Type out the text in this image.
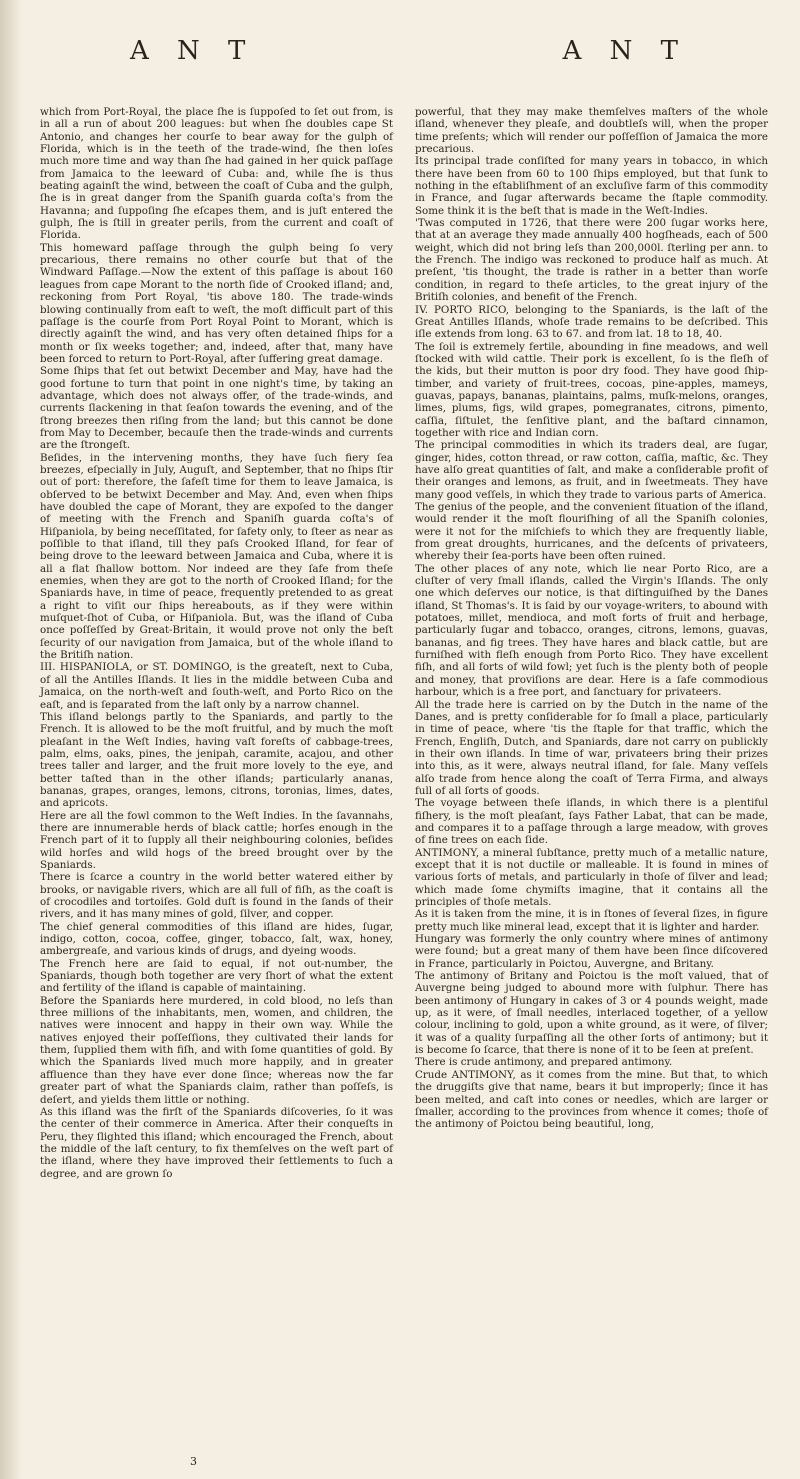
A N T	A N T

which from Port-Royal, the place ſhe is ſuppoſed to ſet out from, is in all a run of about 200 leagues: but when ſhe doubles cape St Antonio, and changes her courſe to bear away for the gulph of Florida, which is in the teeth of the trade-wind, ſhe then loſes much more time and way than ſhe had gained in her quick paſſage from Jamaica to the leeward of Cuba: and, while ſhe is thus beating againſt the wind, between the coaſt of Cuba and the gulph, ſhe is in great danger from the Spaniſh guarda coſta's from the Havanna; and ſuppoſing ſhe eſcapes them, and is juſt entered the gulph, ſhe is ſtill in greater perils, from the current and coaſt of Florida.

This homeward paſſage through the gulph being ſo very precarious, there remains no other courſe but that of the Windward Paſſage.—Now the extent of this paſſage is about 160 leagues from cape Morant to the north ſide of Crooked iſland; and, reckoning from Port Royal, 'tis above 180. The trade-winds blowing continually from eaſt to weſt, the moſt difficult part of this paſſage is the courſe from Port Royal Point to Morant, which is directly againſt the wind, and has very often detained ſhips for a month or ſix weeks together; and, indeed, after that, many have been forced to return to Port-Royal, after ſuffering great damage.

Some ſhips that ſet out betwixt December and May, have had the good fortune to turn that point in one night's time, by taking an advantage, which does not always offer, of the trade-winds, and currents ſlackening in that ſeaſon towards the evening, and of the ſtrong breezes then riſing from the land; but this cannot be done from May to December, becauſe then the trade-winds and currents are the ſtrongeſt.

Beſides, in the intervening months, they have ſuch fiery ſea breezes, eſpecially in July, Auguſt, and September, that no ſhips ſtir out of port: therefore, the ſafeſt time for them to leave Jamaica, is obſerved to be betwixt December and May. And, even when ſhips have doubled the cape of Morant, they are expoſed to the danger of meeting with the French and Spaniſh guarda coſta's of Hiſpaniola, by being neceſſitated, for ſafety only, to ſteer as near as poſſible to that iſland, till they paſs Crooked Iſland, for fear of being drove to the leeward between Jamaica and Cuba, where it is all a flat ſhallow bottom. Nor indeed are they ſafe from theſe enemies, when they are got to the north of Crooked Iſland; for the Spaniards have, in time of peace, frequently pretended to as great a right to viſit our ſhips hereabouts, as if they were within muſquet-ſhot of Cuba, or Hiſpaniola. But, was the iſland of Cuba once poſſeſſed by Great-Britain, it would prove not only the beſt ſecurity of our navigation from Jamaica, but of the whole iſland to the Britiſh nation.

III. HISPANIOLA, or ST. DOMINGO, is the greateſt, next to Cuba, of all the Antilles Iſlands. It lies in the middle between Cuba and Jamaica, on the north-weſt and ſouth-weſt, and Porto Rico on the eaſt, and is ſeparated from the laſt only by a narrow channel.

This iſland belongs partly to the Spaniards, and partly to the French. It is allowed to be the moſt fruitful, and by much the moſt pleaſant in the Weſt Indies, having vaſt foreſts of cabbage-trees, palm, elms, oaks, pines, the jenipah, caramite, acajou, and other trees taller and larger, and the fruit more lovely to the eye, and better taſted than in the other iſlands; particularly ananas, bananas, grapes, oranges, lemons, citrons, toronias, limes, dates, and apricots.

Here are all the fowl common to the Weſt Indies. In the ſavannahs, there are innumerable herds of black cattle; horſes enough in the French part of it to ſupply all their neighbouring colonies, beſides wild horſes and wild hogs of the breed brought over by the Spaniards.

There is ſcarce a country in the world better watered either by brooks, or navigable rivers, which are all full of fiſh, as the coaſt is of crocodiles and tortoiſes. Gold duſt is found in the ſands of their rivers, and it has many mines of gold, ſilver, and copper.

The chief general commodities of this iſland are hides, ſugar, indigo, cotton, cocoa, coffee, ginger, tobacco, ſalt, wax, honey, ambergreaſe, and various kinds of drugs, and dyeing woods.

The French here are ſaid to equal, if not out-number, the Spaniards, though both together are very ſhort of what the extent and fertility of the iſland is capable of maintaining.

Before the Spaniards here murdered, in cold blood, no leſs than three millions of the inhabitants, men, women, and children, the natives were innocent and happy in their own way. While the natives enjoyed their poſſeſſions, they cultivated their lands for them, ſupplied them with fiſh, and with ſome quantities of gold. By which the Spaniards lived much more happily, and in greater affluence than they have ever done ſince; whereas now the far greater part of what the Spaniards claim, rather than poſſeſs, is deſert, and yields them little or nothing.

As this iſland was the firſt of the Spaniards diſcoveries, ſo it was the center of their commerce in America. After their conqueſts in Peru, they ſlighted this iſland; which encouraged the French, about the middle of the laſt century, to fix themſelves on the weſt part of the iſland, where they have improved their ſettlements to ſuch a degree, and are grown ſo

powerful, that they may make themſelves maſters of the whole iſland, whenever they pleaſe, and doubtleſs will, when the proper time preſents; which will render our poſſeſſion of Jamaica the more precarious.

Its principal trade conſiſted for many years in tobacco, in which there have been from 60 to 100 ſhips employed, but that ſunk to nothing in the eſtabliſhment of an excluſive farm of this commodity in France, and ſugar afterwards became the ſtaple commodity. Some think it is the beſt that is made in the Weſt-Indies.

'Twas computed in 1726, that there were 200 ſugar works here, that at an average they made annually 400 hogſheads, each of 500 weight, which did not bring leſs than 200,000l. ſterling per ann. to the French. The indigo was reckoned to produce half as much. At preſent, 'tis thought, the trade is rather in a better than worſe condition, in regard to theſe articles, to the great injury of the Britiſh colonies, and benefit of the French.

IV. PORTO RICO, belonging to the Spaniards, is the laſt of the Great Antilles Iſlands, whoſe trade remains to be deſcribed. This iſle extends from long. 63 to 67. and from lat. 18 to 18, 40.

The ſoil is extremely fertile, abounding in fine meadows, and well ſtocked with wild cattle. Their pork is excellent, ſo is the fleſh of the kids, but their mutton is poor dry food. They have good ſhip-timber, and variety of fruit-trees, cocoas, pine-apples, mameys, guavas, papays, bananas, plaintains, palms, muſk-melons, oranges, limes, plums, figs, wild grapes, pomegranates, citrons, pimento, caſſia, ſiſtulet, the ſenſitive plant, and the baſtard cinnamon, together with rice and Indian corn.

The principal commodities in which its traders deal, are ſugar, ginger, hides, cotton thread, or raw cotton, caſſia, maſtic, &c. They have alſo great quantities of ſalt, and make a conſiderable profit of their oranges and lemons, as fruit, and in ſweetmeats. They have many good veſſels, in which they trade to various parts of America.

The genius of the people, and the convenient ſituation of the iſland, would render it the moſt flouriſhing of all the Spaniſh colonies, were it not for the miſchiefs to which they are frequently liable, from great droughts, hurricanes, and the deſcents of privateers, whereby their ſea-ports have been often ruined.

The other places of any note, which lie near Porto Rico, are a cluſter of very ſmall iſlands, called the Virgin's Iſlands. The only one which deſerves our notice, is that diſtinguiſhed by the Danes iſland, St Thomas's. It is ſaid by our voyage-writers, to abound with potatoes, millet, mendioca, and moſt forts of fruit and herbage, particularly ſugar and tobacco, oranges, citrons, lemons, guavas, bananas, and fig trees. They have hares and black cattle, but are furniſhed with fleſh enough from Porto Rico. They have excellent fiſh, and all forts of wild fowl; yet ſuch is the plenty both of people and money, that proviſions are dear. Here is a ſafe commodious harbour, which is a free port, and ſanctuary for privateers.

All the trade here is carried on by the Dutch in the name of the Danes, and is pretty conſiderable for ſo ſmall a place, particularly in time of peace, where 'tis the ſtaple for that traffic, which the French, Engliſh, Dutch, and Spaniards, dare not carry on publickly in their own iſlands. In time of war, privateers bring their prizes into this, as it were, always neutral iſland, for ſale. Many veſſels alſo trade from hence along the coaſt of Terra Firma, and always full of all ſorts of goods.

The voyage between theſe iſlands, in which there is a plentiful fiſhery, is the moſt pleaſant, ſays Father Labat, that can be made, and compares it to a paſſage through a large meadow, with groves of fine trees on each ſide.

ANTIMONY, a mineral ſubſtance, pretty much of a metallic nature, except that it is not ductile or malleable. It is found in mines of various ſorts of metals, and particularly in thoſe of ſilver and lead; which made ſome chymiſts imagine, that it contains all the principles of thoſe metals.

As it is taken from the mine, it is in ſtones of ſeveral ſizes, in figure pretty much like mineral lead, except that it is lighter and harder.

Hungary was formerly the only country where mines of antimony were found; but a great many of them have been ſince diſcovered in France, particularly in Poictou, Auvergne, and Britany.

The antimony of Britany and Poictou is the moſt valued, that of Auvergne being judged to abound more with ſulphur. There has been antimony of Hungary in cakes of 3 or 4 pounds weight, made up, as it were, of ſmall needles, interlaced together, of a yellow colour, inclining to gold, upon a white ground, as it were, of ſilver; it was of a quality ſurpaſſing all the other ſorts of antimony; but it is become ſo ſcarce, that there is none of it to be ſeen at preſent.

There is crude antimony, and prepared antimony.

Crude ANTIMONY, as it comes from the mine. But that, to which the druggiſts give that name, bears it but improperly; ſince it has been melted, and caſt into cones or needles, which are larger or ſmaller, according to the provinces from whence it comes; thoſe of the antimony of Poictou being beautiful, long,

3
